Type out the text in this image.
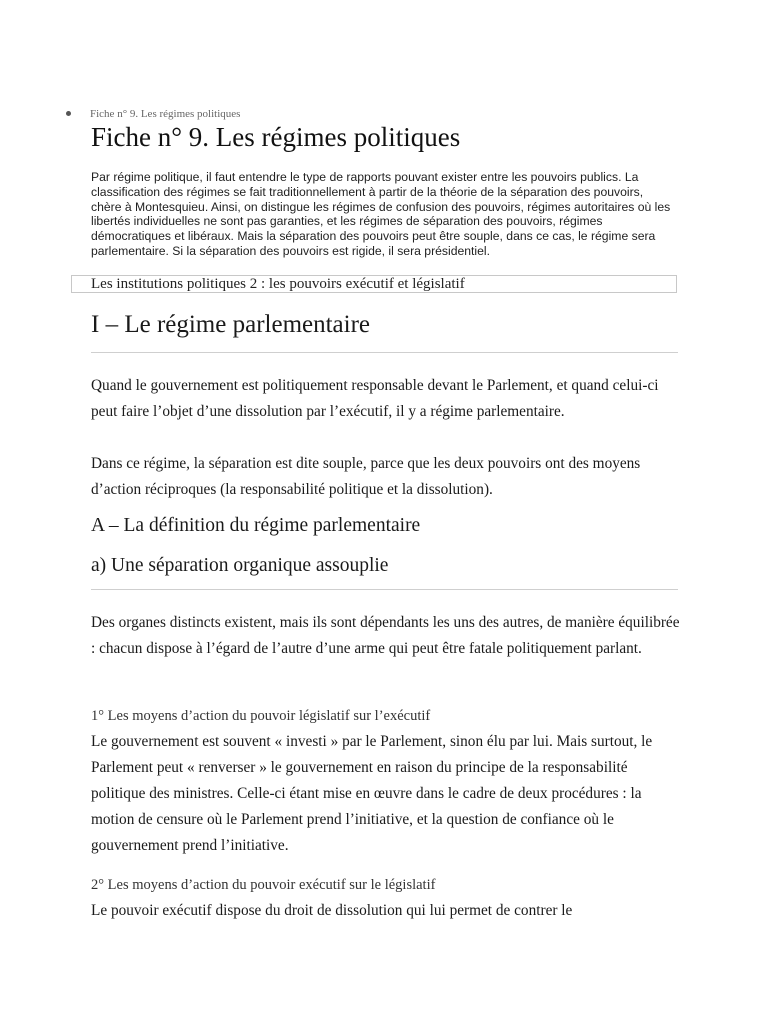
Fiche n° 9. Les régimes politiques
Fiche n° 9. Les régimes politiques

Par régime politique, il faut entendre le type de rapports pouvant exister entre les pouvoirs publics. La classification des régimes se fait traditionnellement à partir de la théorie de la séparation des pouvoirs, chère à Montesquieu. Ainsi, on distingue les régimes de confusion des pouvoirs, régimes autoritaires où les libertés individuelles ne sont pas garanties, et les régimes de séparation des pouvoirs, régimes démocratiques et libéraux. Mais la séparation des pouvoirs peut être souple, dans ce cas, le régime sera parlementaire. Si la séparation des pouvoirs est rigide, il sera présidentiel.

Les institutions politiques 2 : les pouvoirs exécutif et législatif
I – Le régime parlementaire

Quand le gouvernement est politiquement responsable devant le Parlement, et quand celui-ci peut faire l’objet d’une dissolution par l’exécutif, il y a régime parlementaire.

Dans ce régime, la séparation est dite souple, parce que les deux pouvoirs ont des moyens d’action réciproques (la responsabilité politique et la dissolution).

A – La définition du régime parlementaire
a) Une séparation organique assouplie

Des organes distincts existent, mais ils sont dépendants les uns des autres, de manière équilibrée : chacun dispose à l’égard de l’autre d’une arme qui peut être fatale politiquement parlant.

1° Les moyens d’action du pouvoir législatif sur l’exécutif

Le gouvernement est souvent « investi » par le Parlement, sinon élu par lui. Mais surtout, le Parlement peut « renverser » le gouvernement en raison du principe de la responsabilité politique des ministres. Celle-ci étant mise en œuvre dans le cadre de deux procédures : la motion de censure où le Parlement prend l’initiative, et la question de confiance où le gouvernement prend l’initiative.

2° Les moyens d’action du pouvoir exécutif sur le législatif

Le pouvoir exécutif dispose du droit de dissolution qui lui permet de contrer le
